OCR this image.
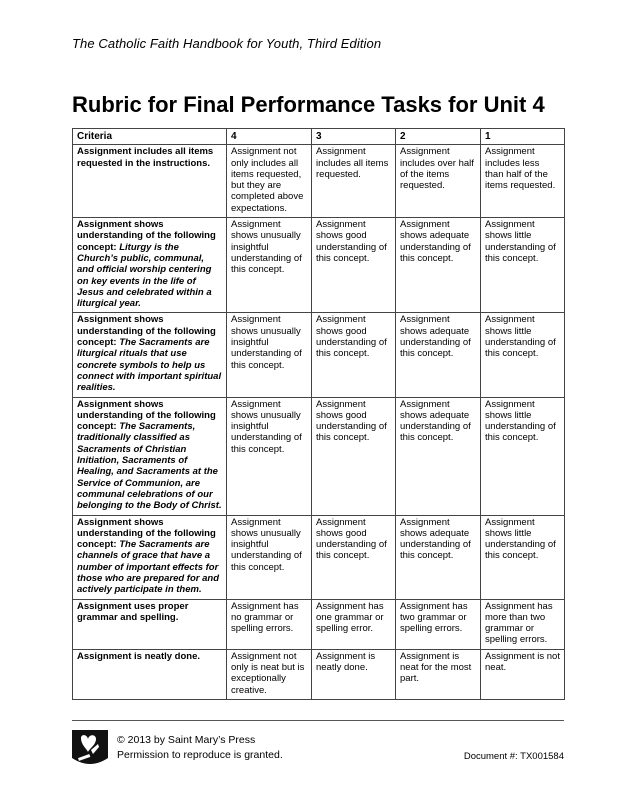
The Catholic Faith Handbook for Youth, Third Edition
Rubric for Final Performance Tasks for Unit 4
Criteria	4	3	2	1
Assignment includes all items requested in the instructions.	Assignment not only includes all items requested, but they are completed above expectations.	Assignment includes all items requested.	Assignment includes over half of the items requested.	Assignment includes less than half of the items requested.
Assignment shows understanding of the following concept: Liturgy is the Church’s public, communal, and official worship centering on key events in the life of Jesus and celebrated within a liturgical year.	Assignment shows unusually insightful understanding of this concept.	Assignment shows good understanding of this concept.	Assignment shows adequate understanding of this concept.	Assignment shows little understanding of this concept.
Assignment shows understanding of the following concept: The Sacraments are liturgical rituals that use concrete symbols to help us connect with important spiritual realities.	Assignment shows unusually insightful understanding of this concept.	Assignment shows good understanding of this concept.	Assignment shows adequate understanding of this concept.	Assignment shows little understanding of this concept.
Assignment shows understanding of the following concept: The Sacraments, traditionally classified as Sacraments of Christian Initiation, Sacraments of Healing, and Sacraments at the Service of Communion, are communal celebrations of our belonging to the Body of Christ.	Assignment shows unusually insightful understanding of this concept.	Assignment shows good understanding of this concept.	Assignment shows adequate understanding of this concept.	Assignment shows little understanding of this concept.
Assignment shows understanding of the following concept: The Sacraments are channels of grace that have a number of important effects for those who are prepared for and actively participate in them.	Assignment shows unusually insightful understanding of this concept.	Assignment shows good understanding of this concept.	Assignment shows adequate understanding of this concept.	Assignment shows little understanding of this concept.
Assignment uses proper grammar and spelling.	Assignment has no grammar or spelling errors.	Assignment has one grammar or spelling error.	Assignment has two grammar or spelling errors.	Assignment has more than two grammar or spelling errors.
Assignment is neatly done.	Assignment not only is neat but is exceptionally creative.	Assignment is neatly done.	Assignment is neat for the most part.	Assignment is not neat.
© 2013 by Saint Mary’s Press
Permission to reproduce is granted.	Document #: TX001584
